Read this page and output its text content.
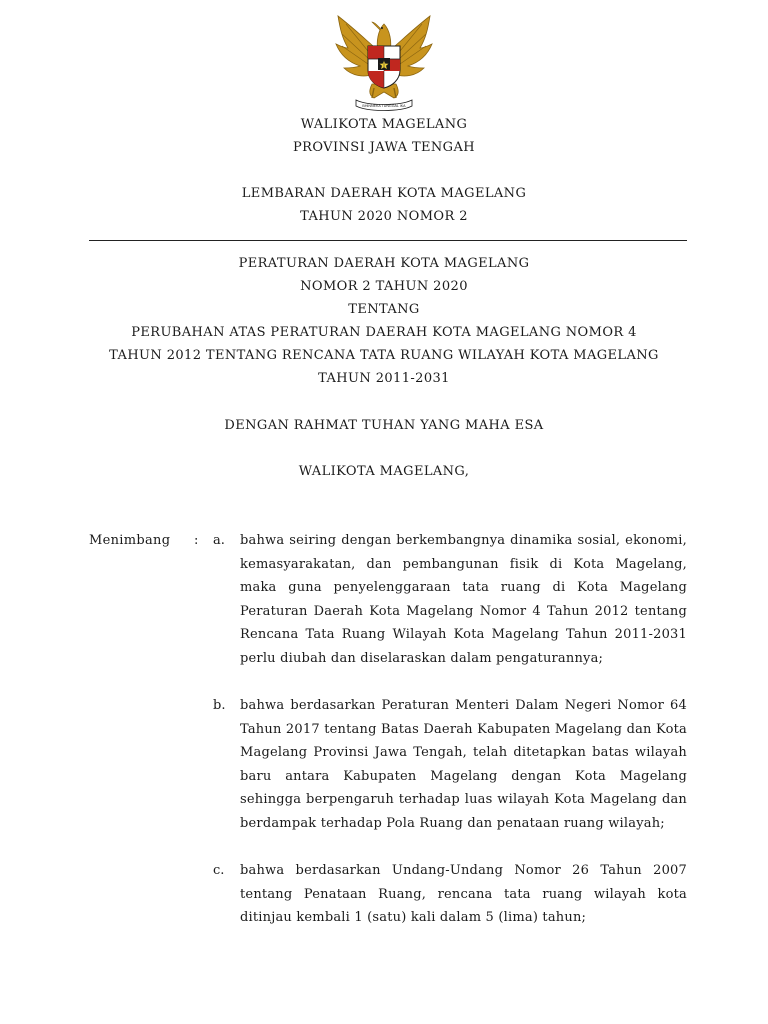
BHINNEKA TUNGGAL IKA
WALIKOTA MAGELANG
PROVINSI JAWA TENGAH
LEMBARAN DAERAH KOTA MAGELANG
TAHUN 2020 NOMOR 2
PERATURAN DAERAH KOTA MAGELANG
NOMOR 2 TAHUN 2020
TENTANG
PERUBAHAN ATAS PERATURAN DAERAH KOTA MAGELANG NOMOR 4
TAHUN 2012 TENTANG RENCANA TATA RUANG WILAYAH KOTA MAGELANG
TAHUN 2011-2031
DENGAN RAHMAT TUHAN YANG MAHA ESA
WALIKOTA MAGELANG,
Menimbang : a.	bahwa seiring dengan berkembangnya dinamika sosial, ekonomi, kemasyarakatan, dan pembangunan fisik di Kota Magelang, maka guna penyelenggaraan tata ruang di Kota Magelang Peraturan Daerah Kota Magelang Nomor 4 Tahun 2012 tentang Rencana Tata Ruang Wilayah Kota Magelang Tahun 2011-2031 perlu diubah dan diselaraskan dalam pengaturannya;
b.	bahwa berdasarkan Peraturan Menteri Dalam Negeri Nomor 64 Tahun 2017 tentang Batas Daerah Kabupaten Magelang dan Kota Magelang Provinsi Jawa Tengah, telah ditetapkan batas wilayah baru antara Kabupaten Magelang dengan Kota Magelang sehingga berpengaruh terhadap luas wilayah Kota Magelang dan berdampak terhadap Pola Ruang dan penataan ruang wilayah;
c.	bahwa berdasarkan Undang-Undang Nomor 26 Tahun 2007 tentang Penataan Ruang, rencana tata ruang wilayah kota ditinjau kembali 1 (satu) kali dalam 5 (lima) tahun;
